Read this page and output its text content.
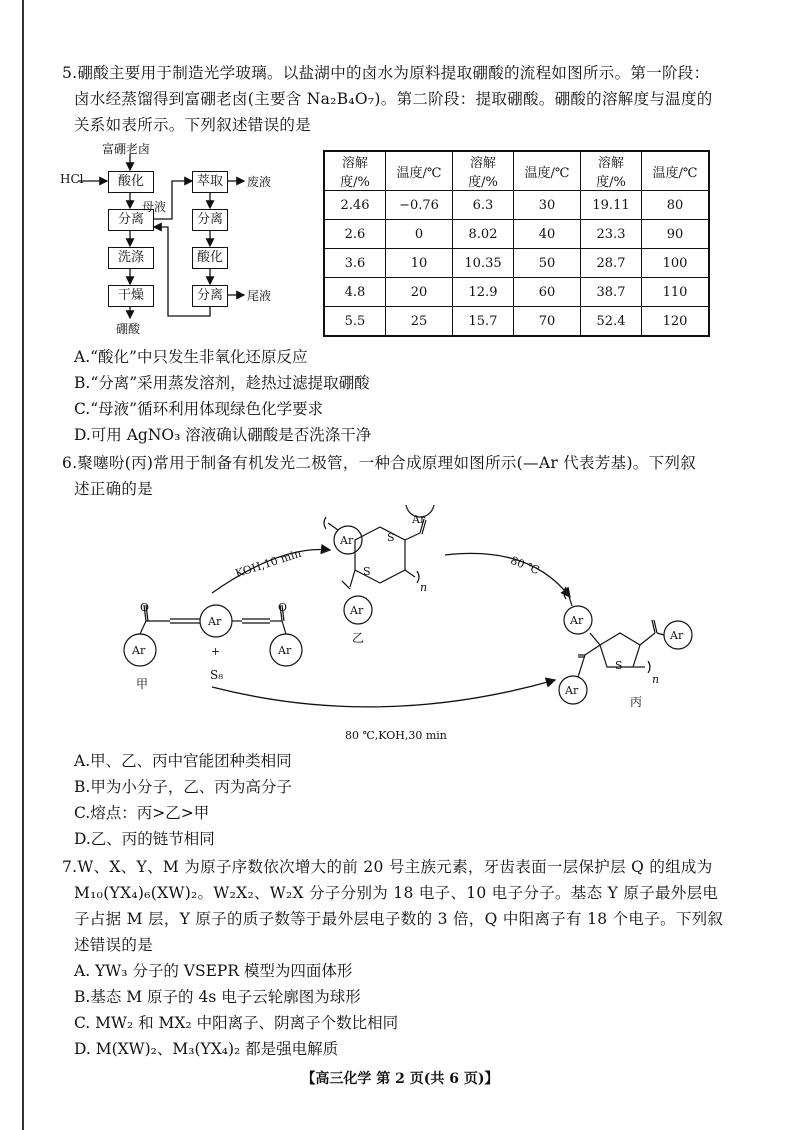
5.硼酸主要用于制造光学玻璃。以盐湖中的卤水为原料提取硼酸的流程如图所示。第一阶段：
卤水经蒸馏得到富硼老卤(主要含 Na₂B₄O₇)。第二阶段：提取硼酸。硼酸的溶解度与温度的
关系如表所示。下列叙述错误的是
富硼老卤
HCl	酸化
分离
洗涤
干燥
硼酸
母液
萃取	废液
分离
酸化
分离	尾液
溶解度/%	温度/℃	溶解度/%	温度/℃	溶解度/%	温度/℃
2.46	−0.76	6.3	30	19.11	80
2.6	0	8.02	40	23.3	90
3.6	10	10.35	50	28.7	100
4.8	20	12.9	60	38.7	110
5.5	25	15.7	70	52.4	120
A.“酸化”中只发生非氧化还原反应
B.“分离”采用蒸发溶剂，趁热过滤提取硼酸
C.“母液”循环利用体现绿色化学要求
D.可用 AgNO₃ 溶液确认硼酸是否洗涤干净
6.聚噻吩(丙)常用于制备有机发光二极管，一种合成原理如图所示(—Ar 代表芳基)。下列叙
述正确的是
Ar
Ar
Ar
O	O
+
S₈
甲
Ar
Ar
Ar
S
S
n
乙
Ar
Ar
Ar
S
n
丙
KOH,10 min	80 ℃
80 ℃,KOH,30 min
A.甲、乙、丙中官能团种类相同
B.甲为小分子，乙、丙为高分子
C.熔点：丙>乙>甲
D.乙、丙的链节相同
7.W、X、Y、M 为原子序数依次增大的前 20 号主族元素，牙齿表面一层保护层 Q 的组成为
M₁₀(YX₄)₆(XW)₂。W₂X₂、W₂X 分子分别为 18 电子、10 电子分子。基态 Y 原子最外层电
子占据 M 层，Y 原子的质子数等于最外层电子数的 3 倍，Q 中阳离子有 18 个电子。下列叙
述错误的是
A. YW₃ 分子的 VSEPR 模型为四面体形
B.基态 M 原子的 4s 电子云轮廓图为球形
C. MW₂ 和 MX₂ 中阳离子、阴离子个数比相同
D. M(XW)₂、M₃(YX₄)₂ 都是强电解质
【高三化学 第 2 页(共 6 页)】
